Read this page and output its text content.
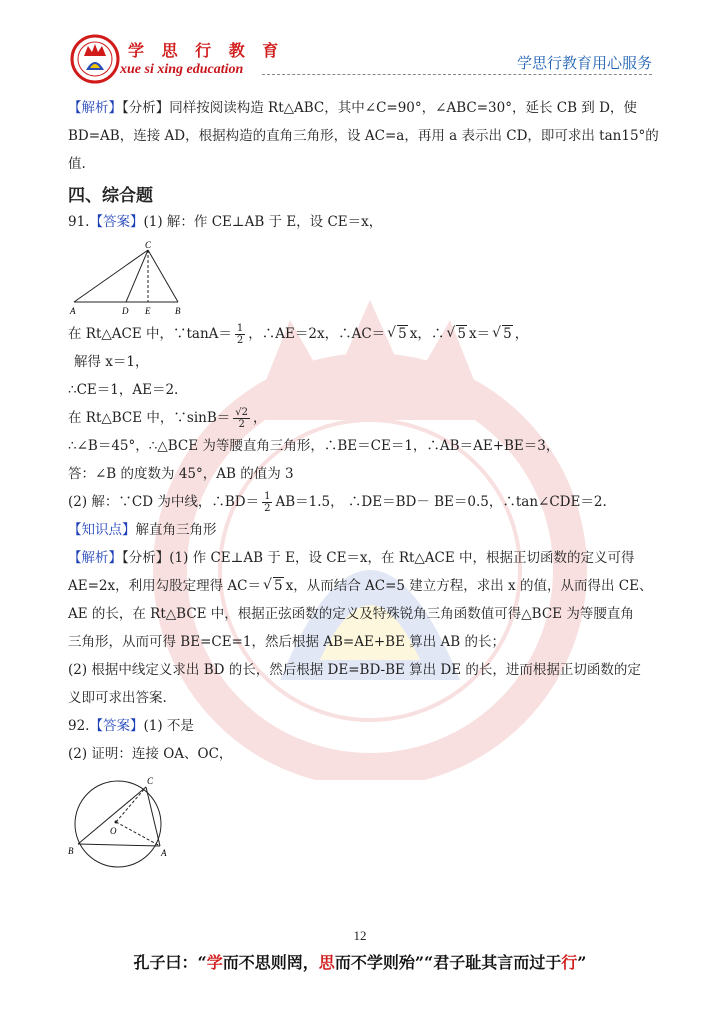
学 思 行 教 育
xue si xing education	学思行教育用心服务
【解析】【分析】同样按阅读构造 Rt△ABC，其中∠C=90°，∠ABC=30°，延长 CB 到 D，使
BD=AB，连接 AD，根据构造的直角三角形，设 AC=a，再用 a 表示出 CD，即可求出 tan15°的
值.
四、综合题
91.【答案】(1) 解：作 CE⊥AB 于 E，设 CE＝x，
C
A	D E	B
在 Rt△ACE 中，∵tanA＝ $\frac{1}{2}$ ，∴AE＝2x，∴AC＝ √ 5 x，∴ √ 5 x＝ √ 5 ，
解得 x＝1，
∴CE＝1，AE＝2.
在 Rt△BCE 中，∵sinB＝ $\frac{√2}{2}$ ，
∴∠B＝45°，∴△BCE 为等腰直角三角形，∴BE＝CE＝1，∴AB＝AE+BE＝3，
答：∠B 的度数为 45°，AB 的值为 3
(2) 解：∵CD 为中线，∴BD＝ $\frac{1}{2} AB=1.5$， ∴DE＝BD－ BE＝0.5，∴tan∠CDE＝2.
【知识点】解直角三角形
【解析】【分析】(1) 作 CE⊥AB 于 E，设 CE＝x，在 Rt△ACE 中，根据正切函数的定义可得
AE=2x，利用勾股定理得 AC＝ √ 5 x，从而结合 AC=5 建立方程，求出 x 的值，从而得出 CE、
AE 的长，在 Rt△BCE 中，根据正弦函数的定义及特殊锐角三角函数值可得△BCE 为等腰直角
三角形，从而可得 BE=CE=1，然后根据 AB=AE+BE 算出 AB 的长；
(2) 根据中线定义求出 BD 的长，然后根据 DE=BD-BE 算出 DE 的长，进而根据正切函数的定
义即可求出答案.
92.【答案】(1) 不是
(2) 证明：连接 OA、OC，
C
O
B	A
12
孔子曰：“学而不思则罔，思而不学则殆”“君子耻其言而过于行”
